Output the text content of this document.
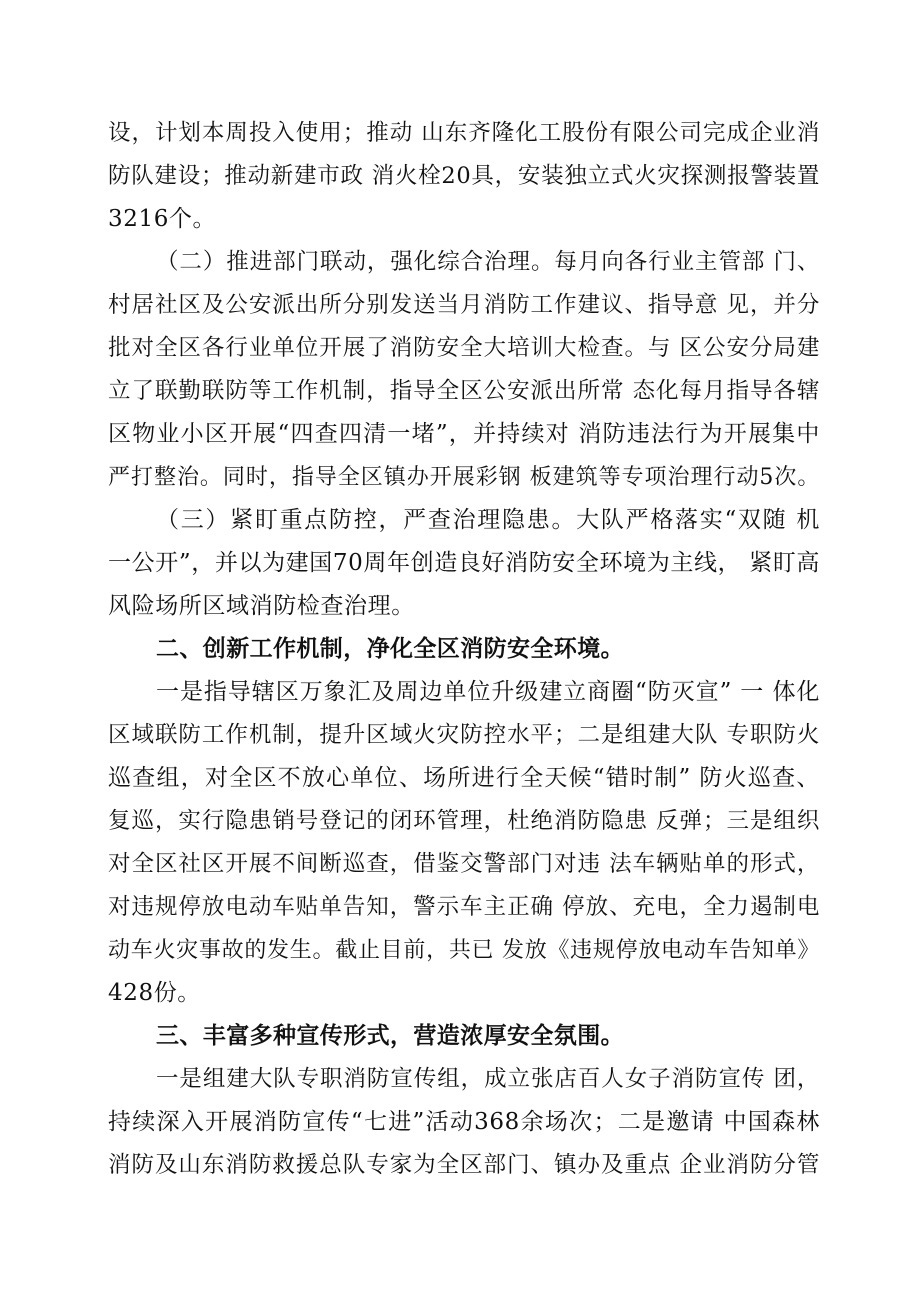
设，计划本周投入使用；推动 山东齐隆化工股份有限公司完成企业消
防队建设；推动新建市政 消火栓20具，安装独立式火灾探测报警装置
3216个。
（二）推进部门联动，强化综合治理。每月向各行业主管部 门、
村居社区及公安派出所分别发送当月消防工作建议、指导意 见，并分
批对全区各行业单位开展了消防安全大培训大检查。与 区公安分局建
立了联勤联防等工作机制，指导全区公安派出所常 态化每月指导各辖
区物业小区开展“四查四清一堵”，并持续对 消防违法行为开展集中
严打整治。同时，指导全区镇办开展彩钢 板建筑等专项治理行动5次。
（三）紧盯重点防控，严查治理隐患。大队严格落实“双随 机
一公开”，并以为建国70周年创造良好消防安全环境为主线， 紧盯高
风险场所区域消防检查治理。
二、创新工作机制，净化全区消防安全环境。
一是指导辖区万象汇及周边单位升级建立商圈“防灭宣” 一 体化
区域联防工作机制，提升区域火灾防控水平；二是组建大队 专职防火
巡查组，对全区不放心单位、场所进行全天候“错时制” 防火巡查、
复巡，实行隐患销号登记的闭环管理，杜绝消防隐患 反弹；三是组织
对全区社区开展不间断巡查，借鉴交警部门对违 法车辆贴单的形式，
对违规停放电动车贴单告知，警示车主正确 停放、充电，全力遏制电
动车火灾事故的发生。截止目前，共已 发放《违规停放电动车告知单》
428份。
三、丰富多种宣传形式，营造浓厚安全氛围。
一是组建大队专职消防宣传组，成立张店百人女子消防宣传 团，
持续深入开展消防宣传“七进”活动368余场次；二是邀请 中国森林
消防及山东消防救援总队专家为全区部门、镇办及重点 企业消防分管
